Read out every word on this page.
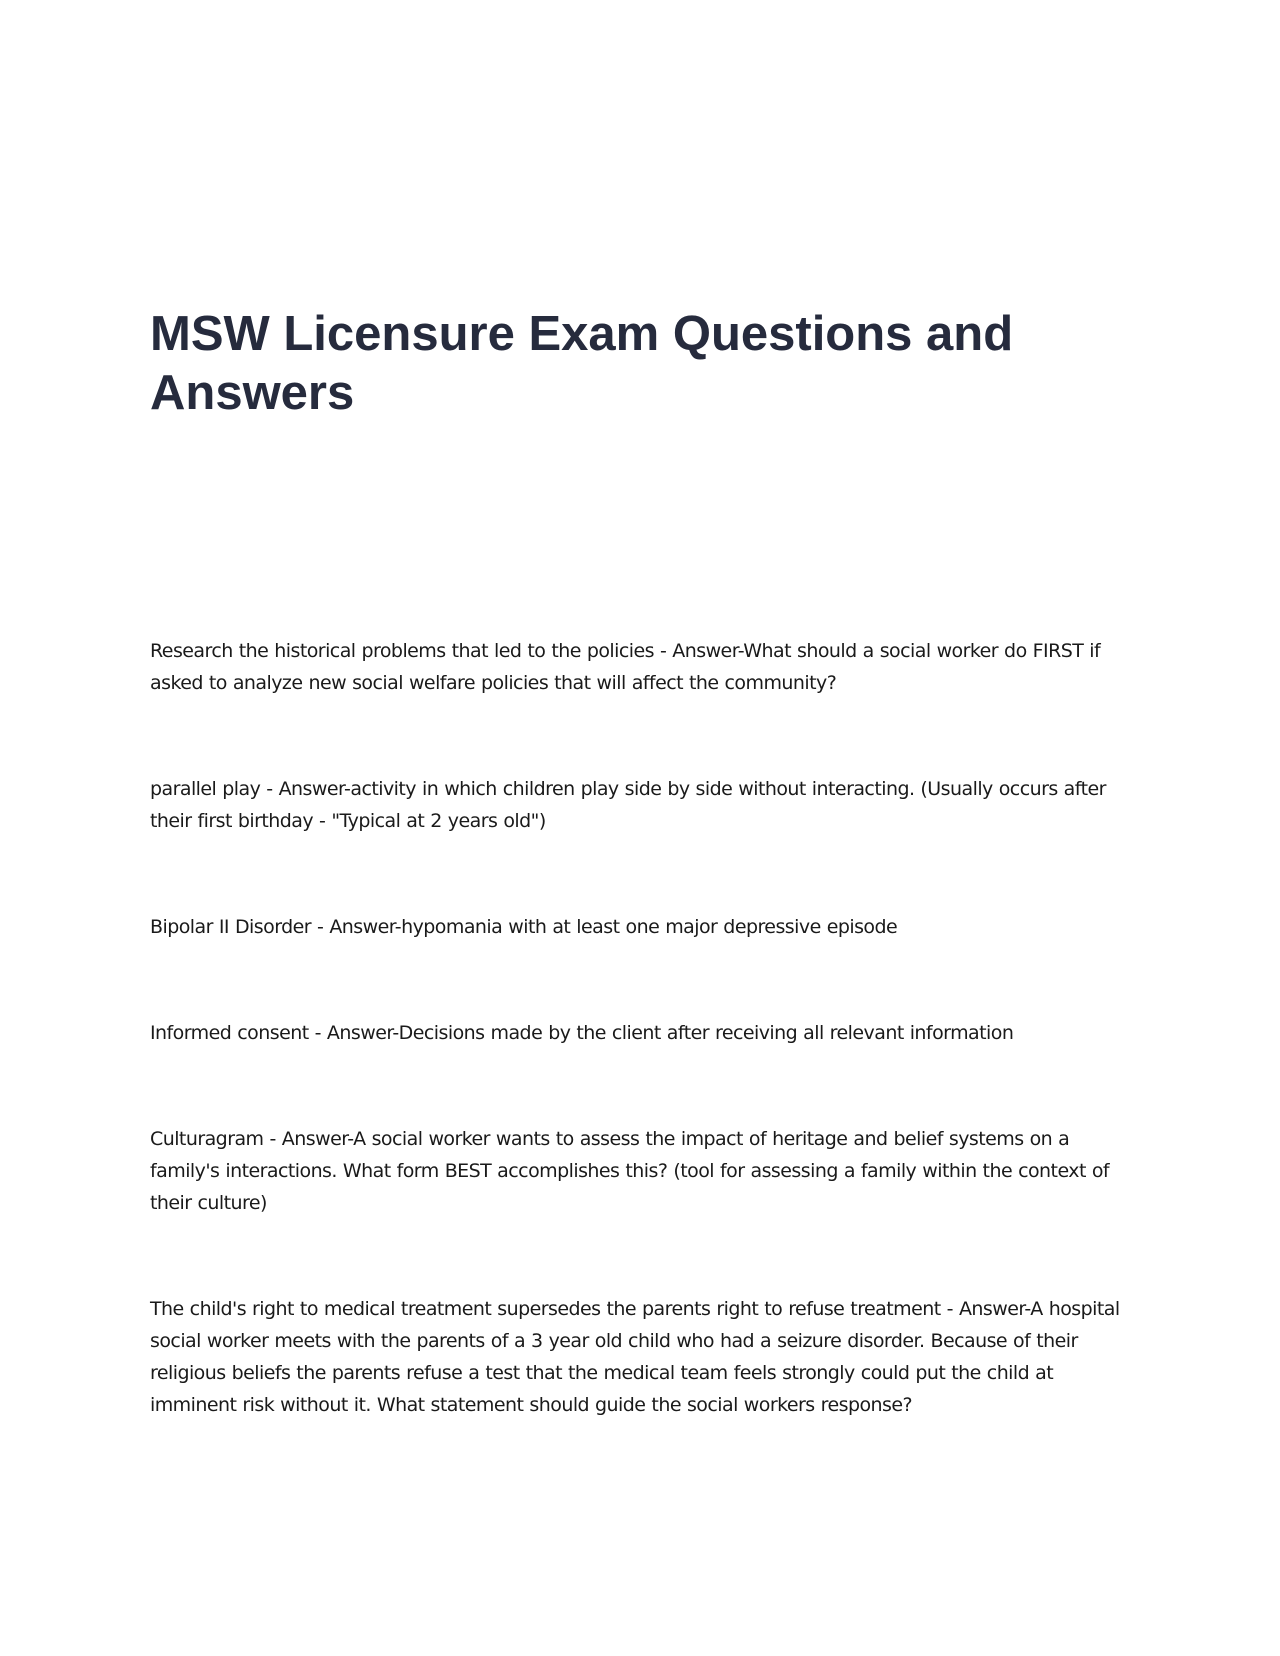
MSW Licensure Exam Questions and Answers

Research the historical problems that led to the policies - Answer-What should a social worker do FIRST if asked to analyze new social welfare policies that will affect the community?

parallel play - Answer-activity in which children play side by side without interacting. (Usually occurs after their first birthday - "Typical at 2 years old")

Bipolar II Disorder - Answer-hypomania with at least one major depressive episode

Informed consent - Answer-Decisions made by the client after receiving all relevant information

Culturagram - Answer-A social worker wants to assess the impact of heritage and belief systems on a family's interactions. What form BEST accomplishes this? (tool for assessing a family within the context of their culture)

The child's right to medical treatment supersedes the parents right to refuse treatment - Answer-A hospital social worker meets with the parents of a 3 year old child who had a seizure disorder. Because of their religious beliefs the parents refuse a test that the medical team feels strongly could put the child at imminent risk without it. What statement should guide the social workers response?
